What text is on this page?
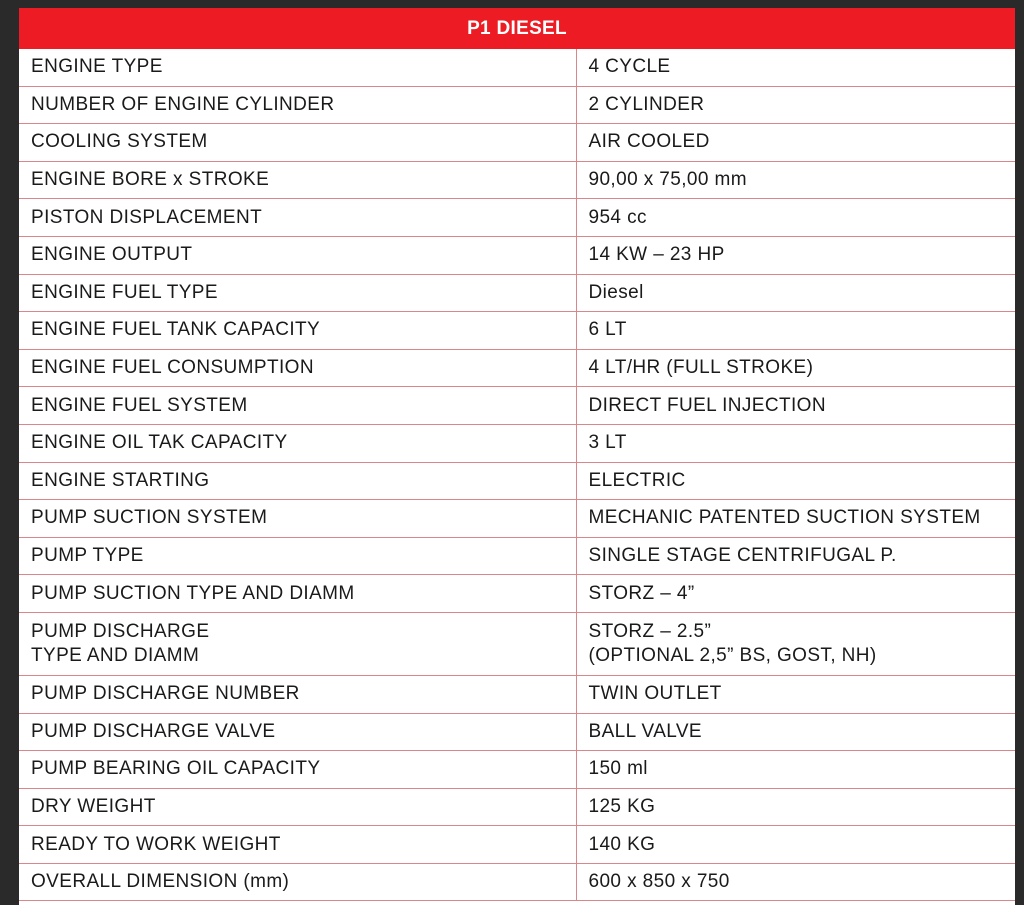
P1 DIESEL
ENGINE TYPE	4 CYCLE
NUMBER OF ENGINE CYLINDER	2 CYLINDER
COOLING SYSTEM	AIR COOLED
ENGINE BORE x STROKE	90,00 x 75,00 mm
PISTON DISPLACEMENT	954 cc
ENGINE OUTPUT	14 KW – 23 HP
ENGINE FUEL TYPE	Diesel
ENGINE FUEL TANK CAPACITY	6 LT
ENGINE FUEL CONSUMPTION	4 LT/HR (FULL STROKE)
ENGINE FUEL SYSTEM	DIRECT FUEL INJECTION
ENGINE OIL TAK CAPACITY	3 LT
ENGINE STARTING	ELECTRIC
PUMP SUCTION SYSTEM	MECHANIC PATENTED SUCTION SYSTEM
PUMP TYPE	SINGLE STAGE CENTRIFUGAL P.
PUMP SUCTION TYPE AND DIAMM	STORZ – 4”
PUMP DISCHARGE
TYPE AND DIAMM	STORZ – 2.5”
(OPTIONAL 2,5” BS, GOST, NH)
PUMP DISCHARGE NUMBER	TWIN OUTLET
PUMP DISCHARGE VALVE	BALL VALVE
PUMP BEARING OIL CAPACITY	150 ml
DRY WEIGHT	125 KG
READY TO WORK WEIGHT	140 KG
OVERALL DIMENSION (mm)	600 x 850 x 750
